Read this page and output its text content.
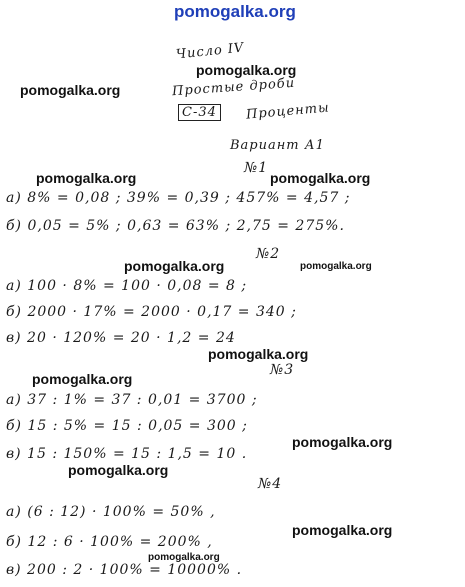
pomogalka.org
pomogalka.org
pomogalka.org
pomogalka.org	pomogalka.org
pomogalka.org	pomogalka.org
pomogalka.org
pomogalka.org
pomogalka.org
pomogalka.org
pomogalka.org
pomogalka.org
Число IV
Простые дроби
С-34	Проценты
Вариант А1
№1
а) 8% = 0,08 ; 39% = 0,39 ; 457% = 4,57 ;
б) 0,05 = 5% ; 0,63 = 63% ; 2,75 = 275%.
№2
а) 100 · 8% = 100 · 0,08 = 8 ;
б) 2000 · 17% = 2000 · 0,17 = 340 ;
в) 20 · 120% = 20 · 1,2 = 24
№3
а) 37 : 1% = 37 : 0,01 = 3700 ;
б) 15 : 5% = 15 : 0,05 = 300 ;
в) 15 : 150% = 15 : 1,5 = 10 .
№4
а) (6 : 12) · 100% = 50% ,
б) 12 : 6 · 100% = 200% ,
в) 200 : 2 · 100% = 10000% .
